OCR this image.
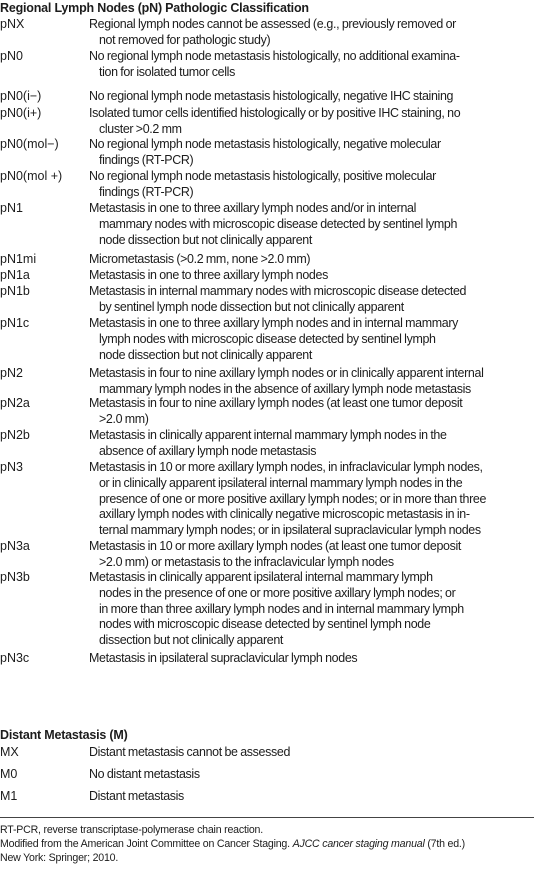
Regional Lymph Nodes (pN) Pathologic Classification
pNX	Regional lymph nodes cannot be assessed (e.g., previously removed or
not removed for pathologic study)
pN0	No regional lymph node metastasis histologically, no additional examina-
tion for isolated tumor cells
pN0(i−)	No regional lymph node metastasis histologically, negative IHC staining
pN0(i+)	Isolated tumor cells identified histologically or by positive IHC staining, no
cluster >0.2 mm
pN0(mol−) No regional lymph node metastasis histologically, negative molecular
findings (RT-PCR)
pN0(mol +) No regional lymph node metastasis histologically, positive molecular
findings (RT-PCR)
pN1	Metastasis in one to three axillary lymph nodes and/or in internal
mammary nodes with microscopic disease detected by sentinel lymph
node dissection but not clinically apparent
pN1mi	Micrometastasis (>0.2 mm, none >2.0 mm)
pN1a	Metastasis in one to three axillary lymph nodes
pN1b	Metastasis in internal mammary nodes with microscopic disease detected
by sentinel lymph node dissection but not clinically apparent
pN1c	Metastasis in one to three axillary lymph nodes and in internal mammary
lymph nodes with microscopic disease detected by sentinel lymph
node dissection but not clinically apparent
pN2	Metastasis in four to nine axillary lymph nodes or in clinically apparent internal
mammary lymph nodes in the absence of axillary lymph node metastasis
pN2a	Metastasis in four to nine axillary lymph nodes (at least one tumor deposit
>2.0 mm)
pN2b	Metastasis in clinically apparent internal mammary lymph nodes in the
absence of axillary lymph node metastasis
pN3	Metastasis in 10 or more axillary lymph nodes, in infraclavicular lymph nodes,
or in clinically apparent ipsilateral internal mammary lymph nodes in the
presence of one or more positive axillary lymph nodes; or in more than three
axillary lymph nodes with clinically negative microscopic metastasis in in-
ternal mammary lymph nodes; or in ipsilateral supraclavicular lymph nodes
pN3a	Metastasis in 10 or more axillary lymph nodes (at least one tumor deposit
>2.0 mm) or metastasis to the infraclavicular lymph nodes
pN3b	Metastasis in clinically apparent ipsilateral internal mammary lymph
nodes in the presence of one or more positive axillary lymph nodes; or
in more than three axillary lymph nodes and in internal mammary lymph
nodes with microscopic disease detected by sentinel lymph node
dissection but not clinically apparent
pN3c	Metastasis in ipsilateral supraclavicular lymph nodes
Distant Metastasis (M)
MX	Distant metastasis cannot be assessed
M0	No distant metastasis
M1	Distant metastasis
RT-PCR, reverse transcriptase-polymerase chain reaction.
Modified from the American Joint Committee on Cancer Staging. AJCC cancer staging manual (7th ed.)
New York: Springer; 2010.
